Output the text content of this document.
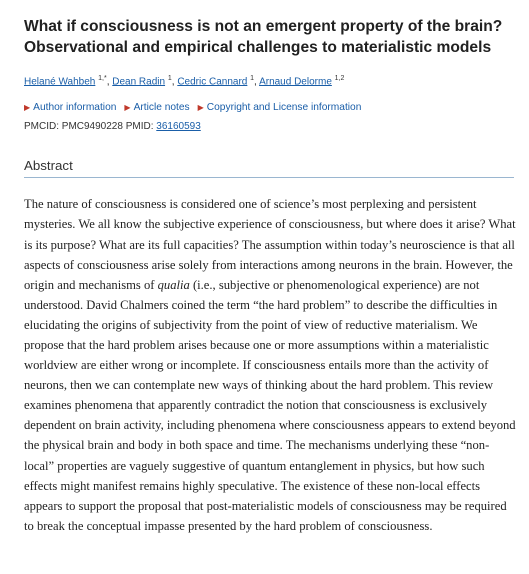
What if consciousness is not an emergent property of the brain? Observational and empirical challenges to materialistic models
Helané Wahbeh $^{1,*}$, Dean Radin $^1$, Cedric Cannard $^1$, Arnaud Delorme $^{1,2}$
▶ Author information ▶ Article notes ▶ Copyright and License information
PMCID: PMC9490228 PMID: 36160593
Abstract

The nature of consciousness is considered one of science’s most perplexing and persistent mysteries. We all know the subjective experience of consciousness, but where does it arise? What is its purpose? What are its full capacities? The assumption within today’s neuroscience is that all aspects of consciousness arise solely from interactions among neurons in the brain. However, the origin and mechanisms of qualia (i.e., subjective or phenomenological experience) are not understood. David Chalmers coined the term “the hard problem” to describe the difficulties in elucidating the origins of subjectivity from the point of view of reductive materialism. We propose that the hard problem arises because one or more assumptions within a materialistic worldview are either wrong or incomplete. If consciousness entails more than the activity of neurons, then we can contemplate new ways of thinking about the hard problem. This review examines phenomena that apparently contradict the notion that consciousness is exclusively dependent on brain activity, including phenomena where consciousness appears to extend beyond the physical brain and body in both space and time. The mechanisms underlying these “non-local” properties are vaguely suggestive of quantum entanglement in physics, but how such effects might manifest remains highly speculative. The existence of these non-local effects appears to support the proposal that post-materialistic models of consciousness may be required to break the conceptual impasse presented by the hard problem of consciousness.
